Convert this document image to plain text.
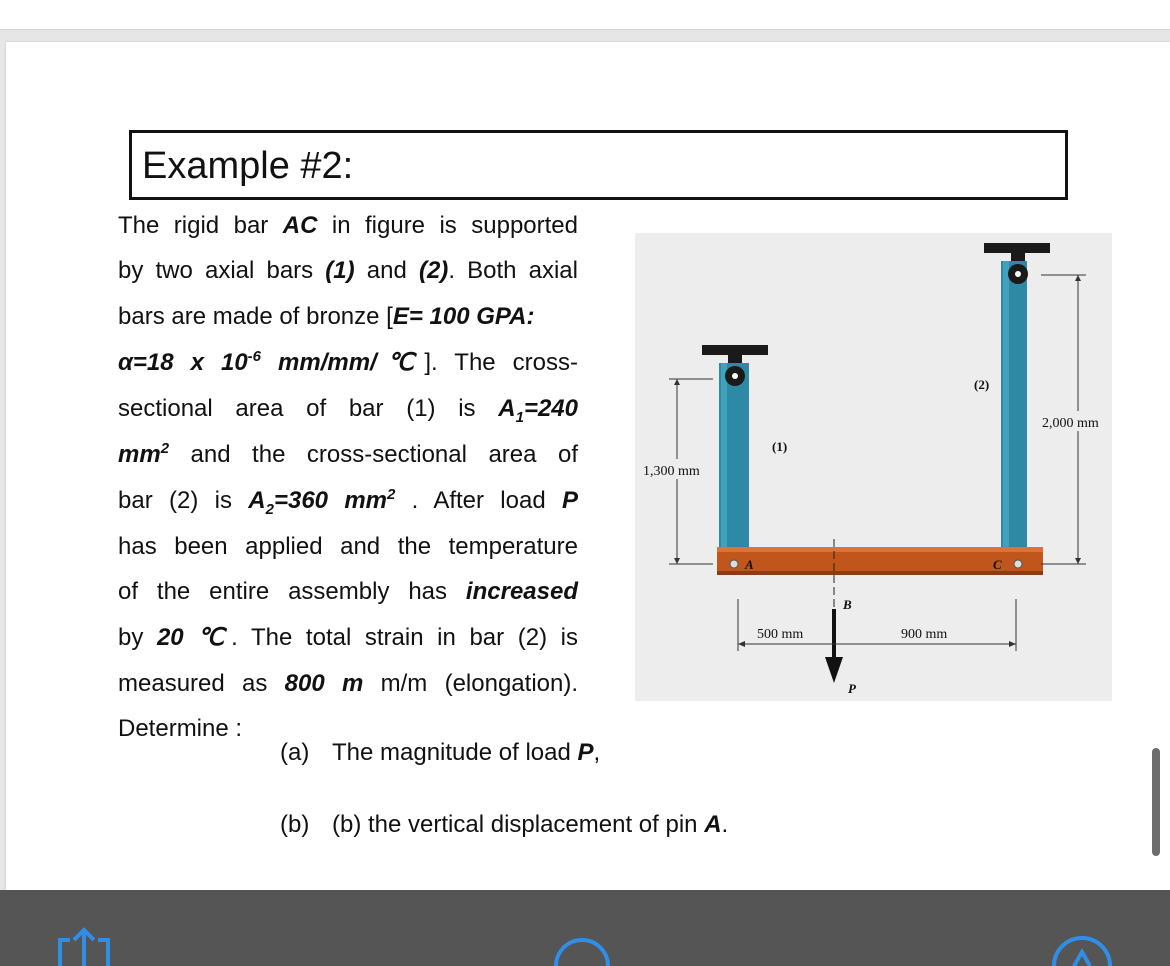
Example #2:
The rigid bar AC in figure is supported
by two axial bars (1) and (2). Both axial
bars are made of bronze [E= 100 GPA:
α=18 x $10^{-6}$ mm/mm/℃]. The cross-
sectional area of bar (1) is $A_1=240$
$mm^2$ and the cross-sectional area of
bar (2) is $A_2=360$ $mm^2$ . After load P
has been applied and the temperature
of the entire assembly has increased
by 20 ℃. The total strain in bar (2) is
measured as 800 m m/m (elongation).
Determine :
(a) The magnitude of load P,
(b) (b) the vertical displacement of pin A.
(1)
(2)
1,300 mm
2,000 mm
500 mm	900 mm
A	C
B
P
